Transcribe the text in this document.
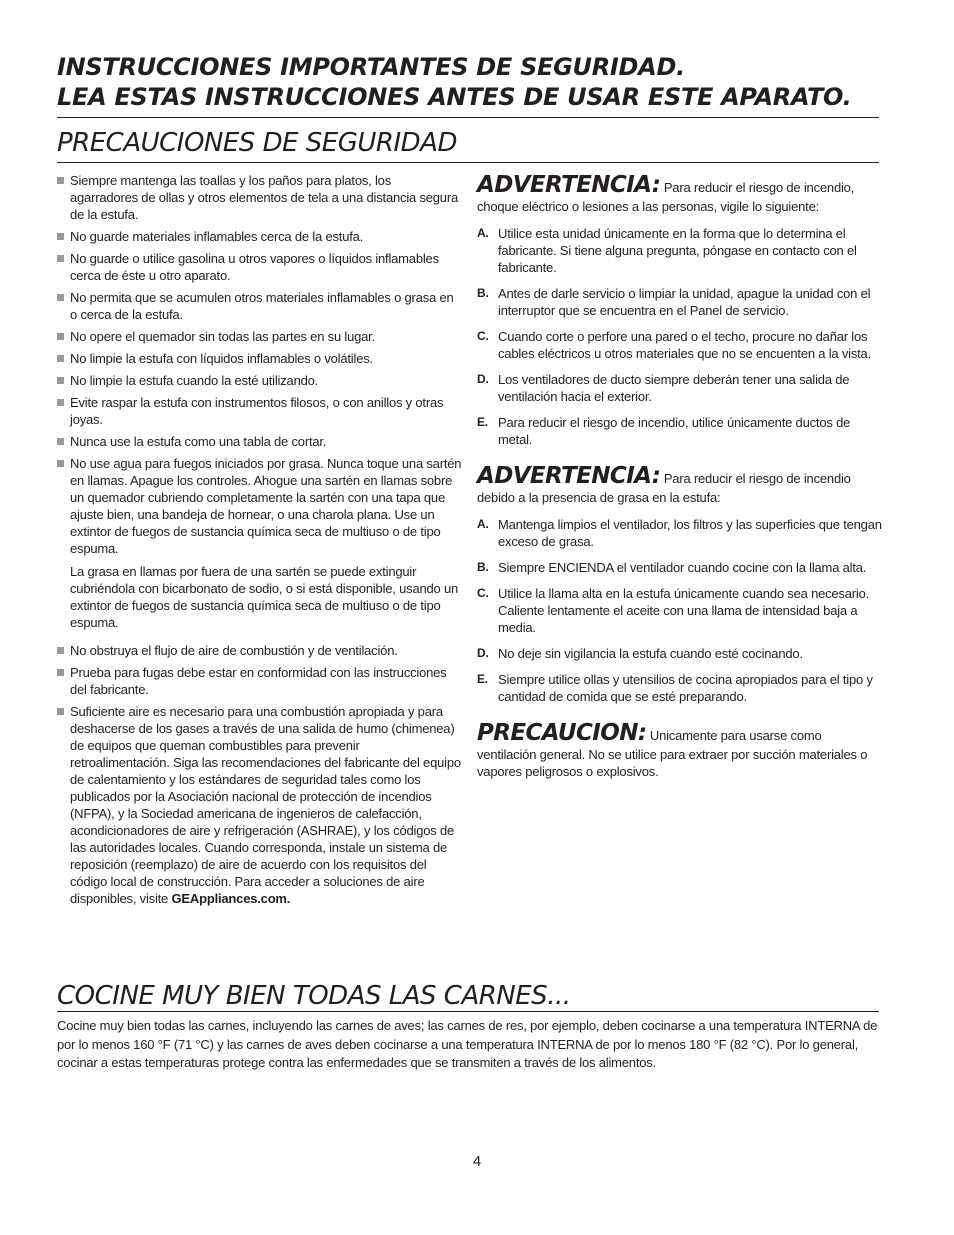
INSTRUCCIONES IMPORTANTES DE SEGURIDAD.
LEA ESTAS INSTRUCCIONES ANTES DE USAR ESTE APARATO.
PRECAUCIONES DE SEGURIDAD

Siempre mantenga las toallas y los paños para platos, los agarradores de ollas y otros elementos de tela a una distancia segura de la estufa.

No guarde materiales inflamables cerca de la estufa.

No guarde o utilice gasolina u otros vapores o líquidos inflamables cerca de éste u otro aparato.

No permita que se acumulen otros materiales inflamables o grasa en o cerca de la estufa.

No opere el quemador sin todas las partes en su lugar.

No limpie la estufa con líquidos inflamables o volátiles.

No limpie la estufa cuando la esté utilizando.

Evite raspar la estufa con instrumentos filosos, o con anillos y otras joyas.

Nunca use la estufa como una tabla de cortar.

No use agua para fuegos iniciados por grasa. Nunca toque una sartén en llamas. Apague los controles. Ahogue una sartén en llamas sobre un quemador cubriendo completamente la sartén con una tapa que ajuste bien, una bandeja de hornear, o una charola plana. Use un extintor de fuegos de sustancia química seca de multiuso o de tipo espuma.

La grasa en llamas por fuera de una sartén se puede extinguir cubriéndola con bicarbonato de sodio, o si está disponible, usando un extintor de fuegos de sustancia química seca de multiuso o de tipo espuma.

No obstruya el flujo de aire de combustión y de ventilación.

Prueba para fugas debe estar en conformidad con las instrucciones del fabricante.

Suficiente aire es necesario para una combustión apropiada y para deshacerse de los gases a través de una salida de humo (chimenea) de equipos que queman combustibles para prevenir retroalimentación. Siga las recomendaciones del fabricante del equipo de calentamiento y los estándares de seguridad tales como los publicados por la Asociación nacional de protección de incendios (NFPA), y la Sociedad americana de ingenieros de calefacción, acondicionadores de aire y refrigeración (ASHRAE), y los códigos de las autoridades locales. Cuando corresponda, instale un sistema de reposición (reemplazo) de aire de acuerdo con los requisitos del código local de construcción. Para acceder a soluciones de aire disponibles, visite GEAppliances.com.

ADVERTENCIA: Para reducir el riesgo de incendio, choque eléctrico o lesiones a las personas, vigile lo siguiente:

A. Utilice esta unidad únicamente en la forma que lo determina el fabricante. Si tiene alguna pregunta, póngase en contacto con el fabricante.
B. Antes de darle servicio o limpiar la unidad, apague la unidad con el interruptor que se encuentra en el Panel de servicio.
C. Cuando corte o perfore una pared o el techo, procure no dañar los cables eléctricos u otros materiales que no se encuenten a la vista.
D. Los ventiladores de ducto siempre deberán tener una salida de ventilación hacia el exterior.
E. Para reducir el riesgo de incendio, utilice únicamente ductos de metal.

ADVERTENCIA: Para reducir el riesgo de incendio debido a la presencia de grasa en la estufa:

A. Mantenga limpios el ventilador, los filtros y las superficies que tengan exceso de grasa.
B. Siempre ENCIENDA el ventilador cuando cocine con la llama alta.
C. Utilice la llama alta en la estufa únicamente cuando sea necesario. Caliente lentamente el aceite con una llama de intensidad baja a media.
D. No deje sin vigilancia la estufa cuando esté cocinando.
E. Siempre utilice ollas y utensilios de cocina apropiados para el tipo y cantidad de comida que se esté preparando.

PRECAUCION: Unicamente para usarse como ventilación general. No se utilice para extraer por succión materiales o vapores peligrosos o explosivos.

COCINE MUY BIEN TODAS LAS CARNES...
Cocine muy bien todas las carnes, incluyendo las carnes de aves; las carnes de res, por ejemplo, deben cocinarse a una temperatura INTERNA de por lo menos 160 °F (71 °C) y las carnes de aves deben cocinarse a una temperatura INTERNA de por lo menos 180 °F (82 °C). Por lo general, cocinar a estas temperaturas protege contra las enfermedades que se transmiten a través de los alimentos.
4
